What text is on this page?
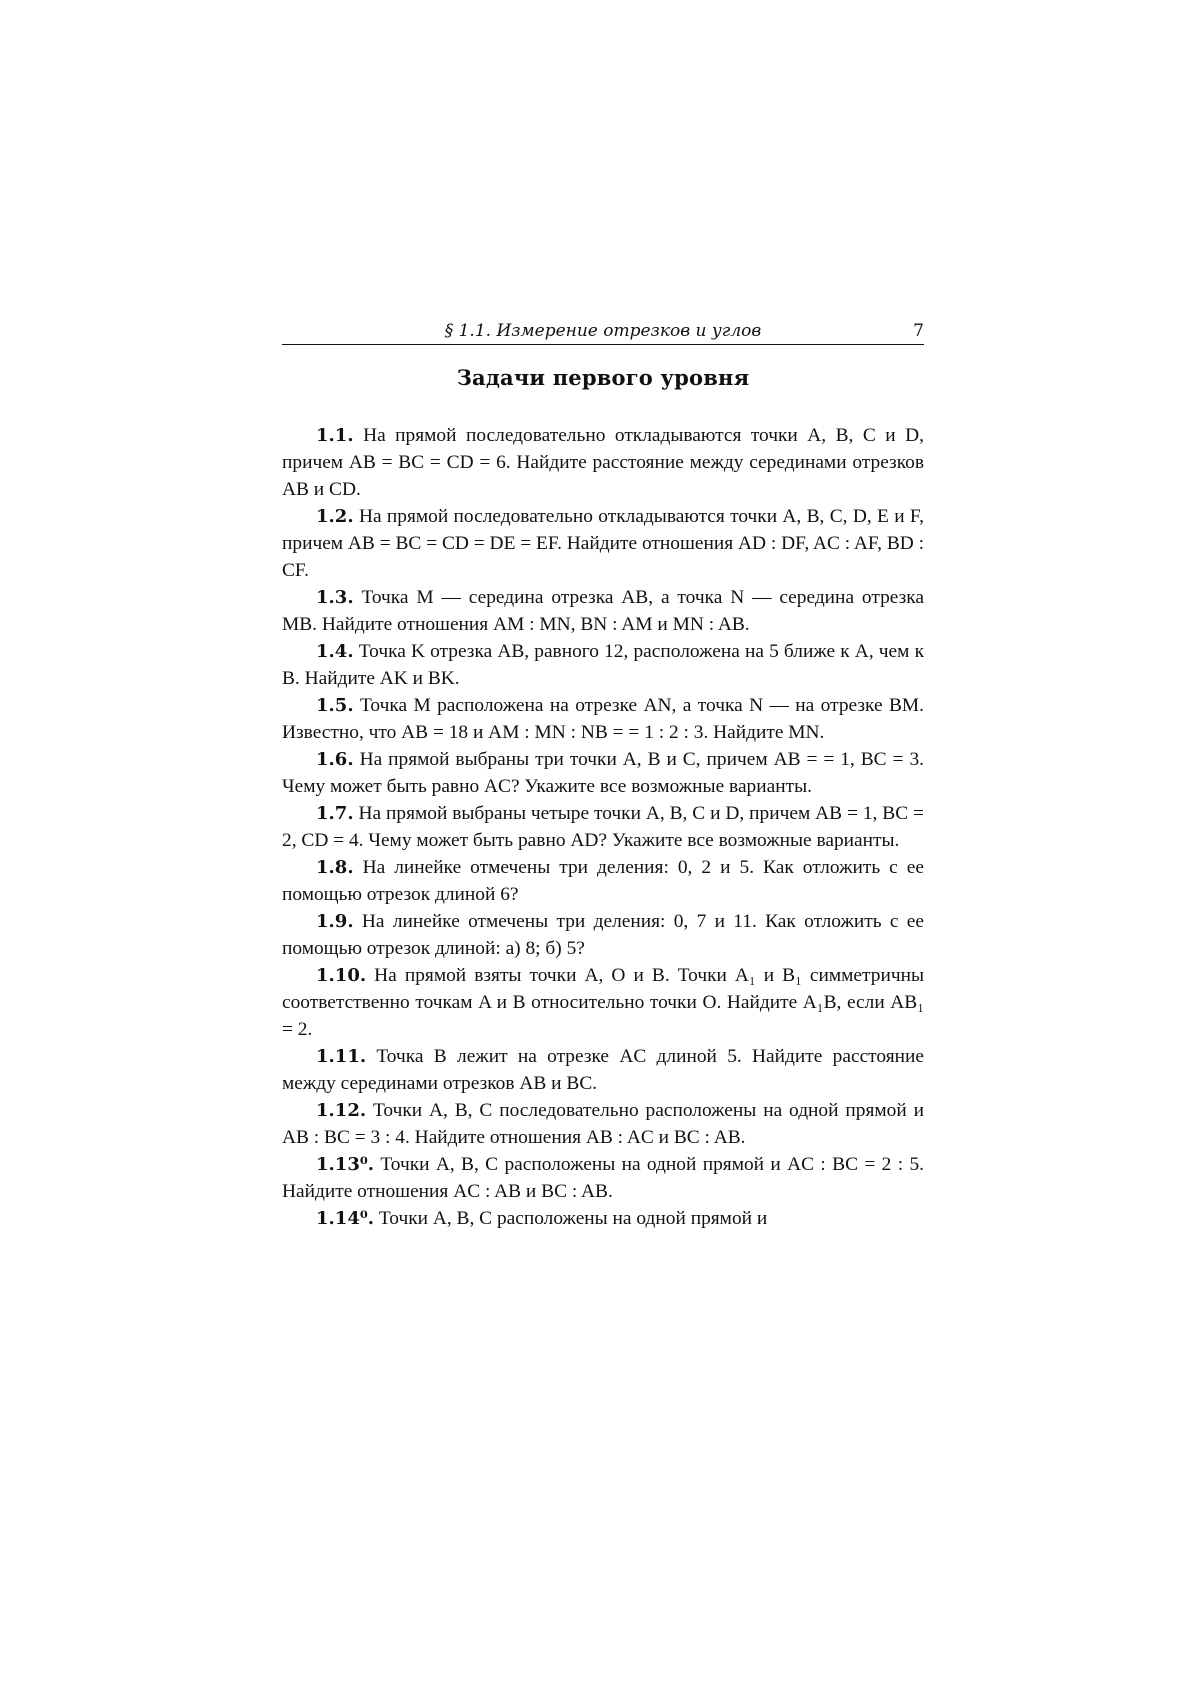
§ 1.1. Измерение отрезков и углов	7
Задачи первого уровня

1.1. На прямой последовательно откладываются точки A, B, C и D, причем AB = BC = CD = 6. Найдите расстояние между серединами отрезков AB и CD.

1.2. На прямой последовательно откладываются точки A, B, C, D, E и F, причем AB = BC = CD = DE = EF. Найдите отношения AD : DF, AC : AF, BD : CF.

1.3. Точка M — середина отрезка AB, а точка N — середина отрезка MB. Найдите отношения AM : MN, BN : AM и MN : AB.

1.4. Точка K отрезка AB, равного 12, расположена на 5 ближе к A, чем к B. Найдите AK и BK.

1.5. Точка M расположена на отрезке AN, а точка N — на отрезке BM. Известно, что AB = 18 и AM : MN : NB = = 1 : 2 : 3. Найдите MN.

1.6. На прямой выбраны три точки A, B и C, причем AB = = 1, BC = 3. Чему может быть равно AC? Укажите все возможные варианты.

1.7. На прямой выбраны четыре точки A, B, C и D, причем AB = 1, BC = 2, CD = 4. Чему может быть равно AD? Укажите все возможные варианты.

1.8. На линейке отмечены три деления: 0, 2 и 5. Как отложить с ее помощью отрезок длиной 6?

1.9. На линейке отмечены три деления: 0, 7 и 11. Как отложить с ее помощью отрезок длиной: а) 8; б) 5?

1.10. На прямой взяты точки A, O и B. Точки A₁ и B₁ симметричны соответственно точкам A и B относительно точки O. Найдите A₁B, если AB₁ = 2.

1.11. Точка B лежит на отрезке AC длиной 5. Найдите расстояние между серединами отрезков AB и BC.

1.12. Точки A, B, C последовательно расположены на одной прямой и AB : BC = 3 : 4. Найдите отношения AB : AC и BC : AB.

1.13⁰. Точки A, B, C расположены на одной прямой и AC : BC = 2 : 5. Найдите отношения AC : AB и BC : AB.

1.14⁰. Точки A, B, C расположены на одной прямой и
